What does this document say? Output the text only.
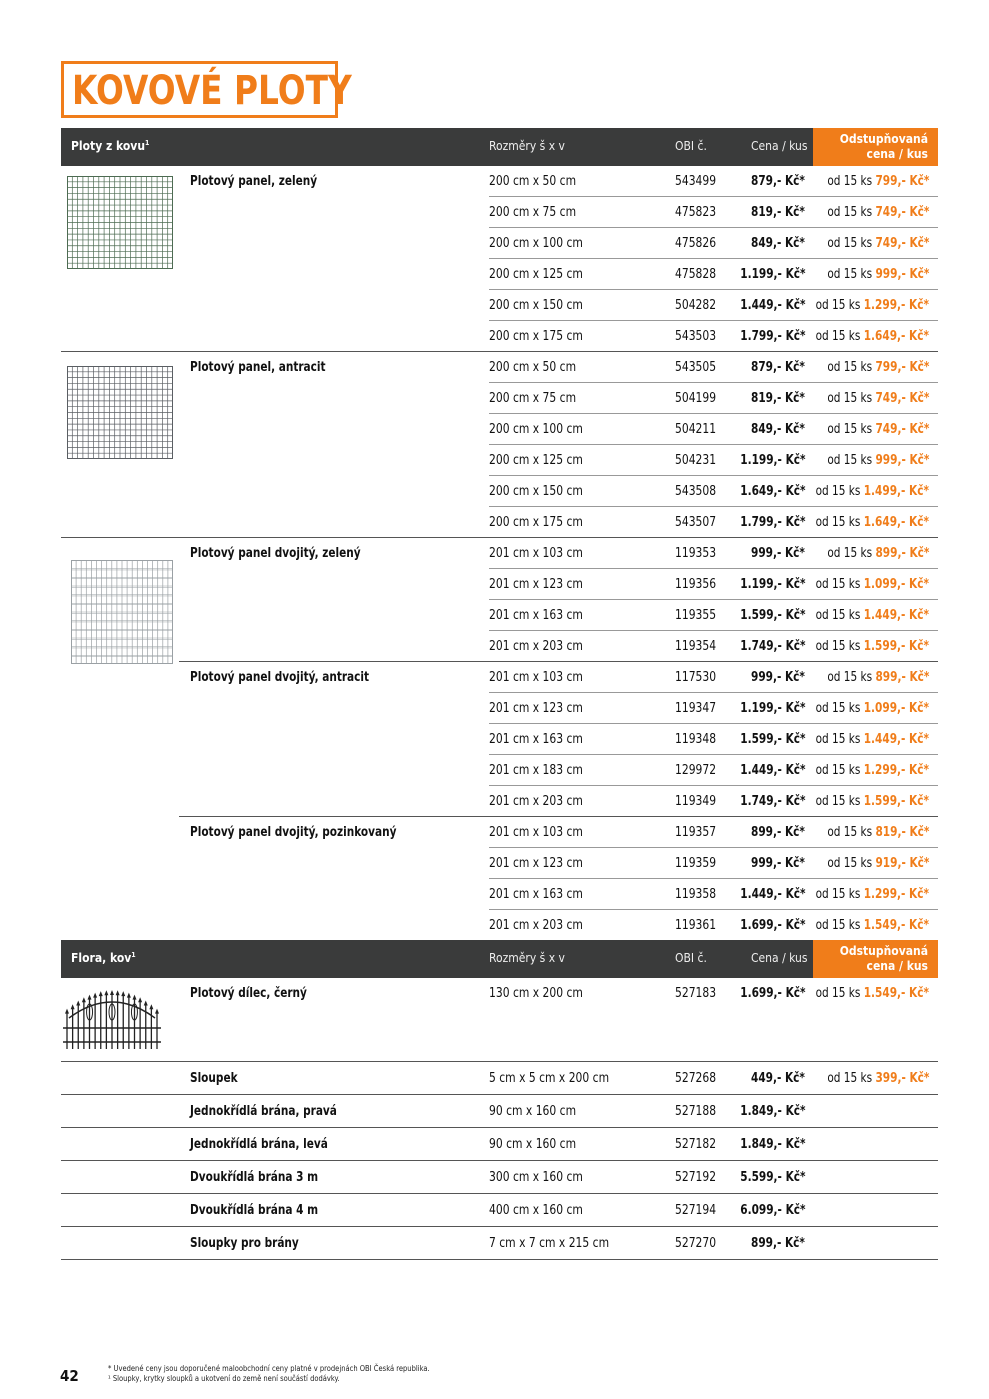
KOVOVÉ PLOTY
Ploty z kovu$^1$	Rozměry š x v	OBI č.	Cena / kus	Odstupňovaná
cena / kus
Plotový panel, zelený	200 cm x 50 cm	543499	879,- Kč* od 15 ks 799,- Kč*
200 cm x 75 cm	475823	819,- Kč* od 15 ks 749,- Kč*
200 cm x 100 cm	475826	849,- Kč* od 15 ks 749,- Kč*
200 cm x 125 cm	475828 1.199,- Kč* od 15 ks 999,- Kč*
200 cm x 150 cm	504282 1.449,- Kč* od 15 ks 1.299,- Kč*
200 cm x 175 cm	543503 1.799,- Kč* od 15 ks 1.649,- Kč*
Plotový panel, antracit	200 cm x 50 cm	543505	879,- Kč* od 15 ks 799,- Kč*
200 cm x 75 cm	504199	819,- Kč* od 15 ks 749,- Kč*
200 cm x 100 cm	504211	849,- Kč* od 15 ks 749,- Kč*
200 cm x 125 cm	504231 1.199,- Kč* od 15 ks 999,- Kč*
200 cm x 150 cm	543508 1.649,- Kč* od 15 ks 1.499,- Kč*
200 cm x 175 cm	543507 1.799,- Kč* od 15 ks 1.649,- Kč*
Plotový panel dvojitý, zelený	201 cm x 103 cm	119353	999,- Kč* od 15 ks 899,- Kč*
201 cm x 123 cm	119356 1.199,- Kč* od 15 ks 1.099,- Kč*
201 cm x 163 cm	119355 1.599,- Kč* od 15 ks 1.449,- Kč*
201 cm x 203 cm	119354 1.749,- Kč* od 15 ks 1.599,- Kč*
Plotový panel dvojitý, antracit	201 cm x 103 cm	117530	999,- Kč* od 15 ks 899,- Kč*
201 cm x 123 cm	119347 1.199,- Kč* od 15 ks 1.099,- Kč*
201 cm x 163 cm	119348 1.599,- Kč* od 15 ks 1.449,- Kč*
201 cm x 183 cm	129972 1.449,- Kč* od 15 ks 1.299,- Kč*
201 cm x 203 cm	119349 1.749,- Kč* od 15 ks 1.599,- Kč*
Plotový panel dvojitý, pozinkovaný	201 cm x 103 cm	119357	899,- Kč* od 15 ks 819,- Kč*
201 cm x 123 cm	119359	999,- Kč* od 15 ks 919,- Kč*
201 cm x 163 cm	119358 1.449,- Kč* od 15 ks 1.299,- Kč*
201 cm x 203 cm	119361 1.699,- Kč* od 15 ks 1.549,- Kč*
Flora, kov$^1$	Rozměry š x v	OBI č.	Cena / kus	Odstupňovaná
cena / kus
Plotový dílec, černý	130 cm x 200 cm	527183 1.699,- Kč* od 15 ks 1.549,- Kč*
Sloupek	5 cm x 5 cm x 200 cm	527268	449,- Kč* od 15 ks 399,- Kč*
Jednokřídlá brána, pravá	90 cm x 160 cm	527188 1.849,- Kč*
Jednokřídlá brána, levá	90 cm x 160 cm	527182 1.849,- Kč*
Dvoukřídlá brána 3 m	300 cm x 160 cm	527192 5.599,- Kč*
Dvoukřídlá brána 4 m	400 cm x 160 cm	527194 6.099,- Kč*
Sloupky pro brány	7 cm x 7 cm x 215 cm	527270	899,- Kč*
42	* Uvedené ceny jsou doporučené maloobchodní ceny platné v prodejnách OBI Česká republika.
¹ Sloupky, krytky sloupků a ukotvení do země není součástí dodávky.
